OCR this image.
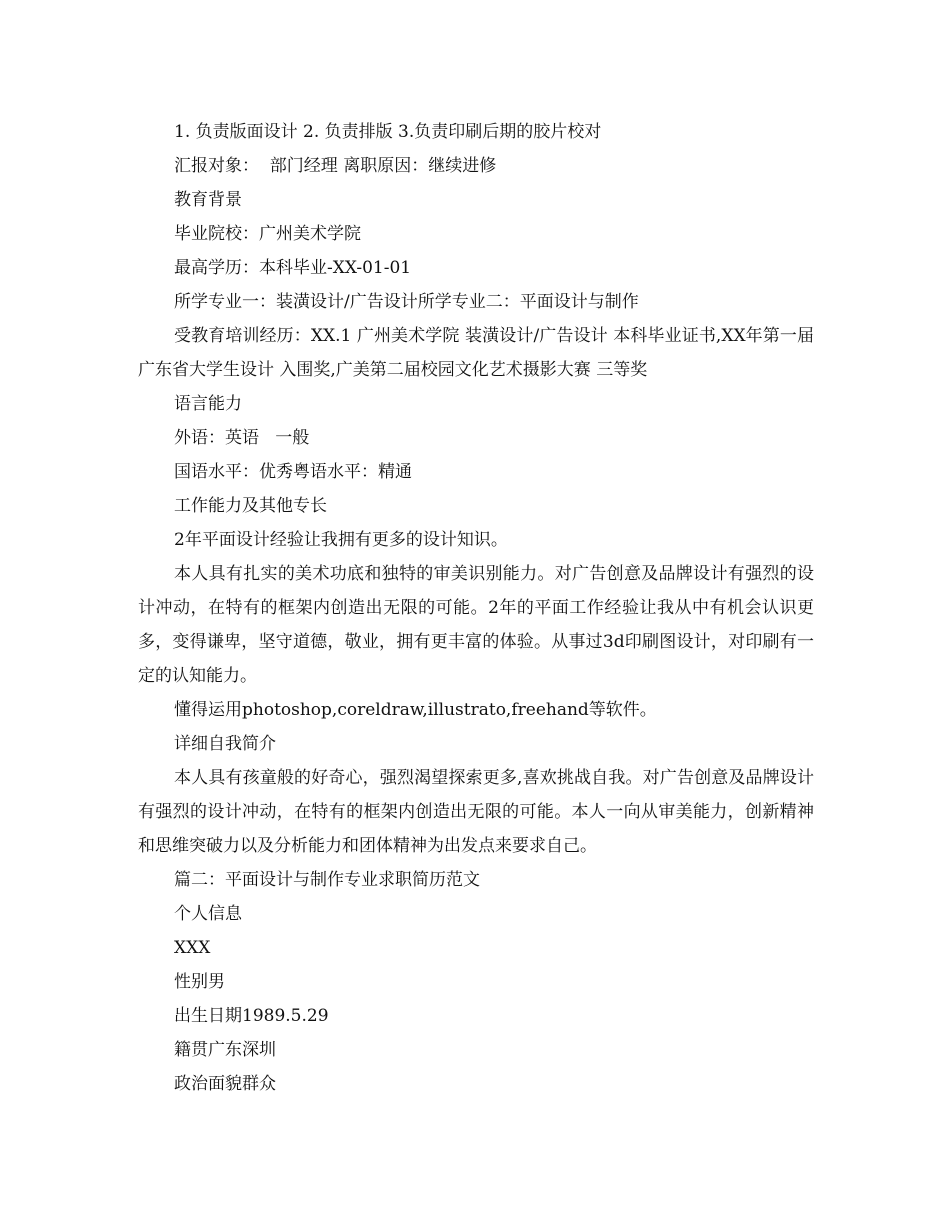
1. 负责版面设计 2. 负责排版 3.负责印刷后期的胶片校对

汇报对象：  部门经理 离职原因：继续进修

教育背景

毕业院校：广州美术学院

最高学历：本科毕业-XX-01-01

所学专业一：装潢设计/广告设计所学专业二：平面设计与制作

受教育培训经历：XX.1 广州美术学院 装潢设计/广告设计 本科毕业证书,XX年第一届广东省大学生设计 入围奖,广美第二届校园文化艺术摄影大赛 三等奖

语言能力

外语：英语   一般

国语水平：优秀粤语水平：精通

工作能力及其他专长

2年平面设计经验让我拥有更多的设计知识。

本人具有扎实的美术功底和独特的审美识别能力。对广告创意及品牌设计有强烈的设计冲动，在特有的框架内创造出无限的可能。2年的平面工作经验让我从中有机会认识更多，变得谦卑，坚守道德，敬业，拥有更丰富的体验。从事过3d印刷图设计，对印刷有一定的认知能力。

懂得运用photoshop,coreldraw,illustrato,freehand等软件。

详细自我简介

本人具有孩童般的好奇心，强烈渴望探索更多,喜欢挑战自我。对广告创意及品牌设计有强烈的设计冲动，在特有的框架内创造出无限的可能。本人一向从审美能力，创新精神和思维突破力以及分析能力和团体精神为出发点来要求自己。

篇二：平面设计与制作专业求职简历范文

个人信息

XXX

性别男

出生日期1989.5.29

籍贯广东深圳

政治面貌群众
